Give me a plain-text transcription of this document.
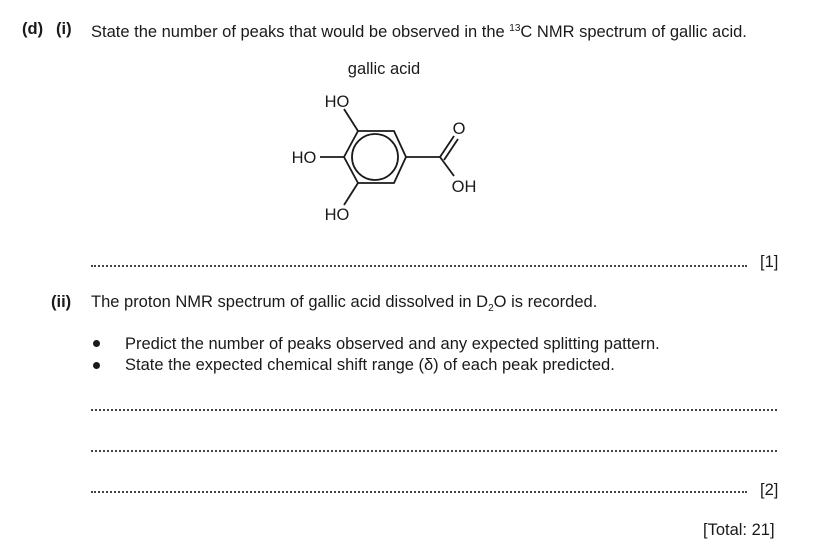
(d) (i) State the number of peaks that would be observed in the $^{13}$C NMR spectrum of gallic acid.
gallic acid
HO
HO
HO
O
OH
[1]
(ii) The proton NMR spectrum of gallic acid dissolved in $D_2O$ is recorded.
Predict the number of peaks observed and any expected splitting pattern.
State the expected chemical shift range (δ) of each peak predicted.
[2]
[Total: 21]
